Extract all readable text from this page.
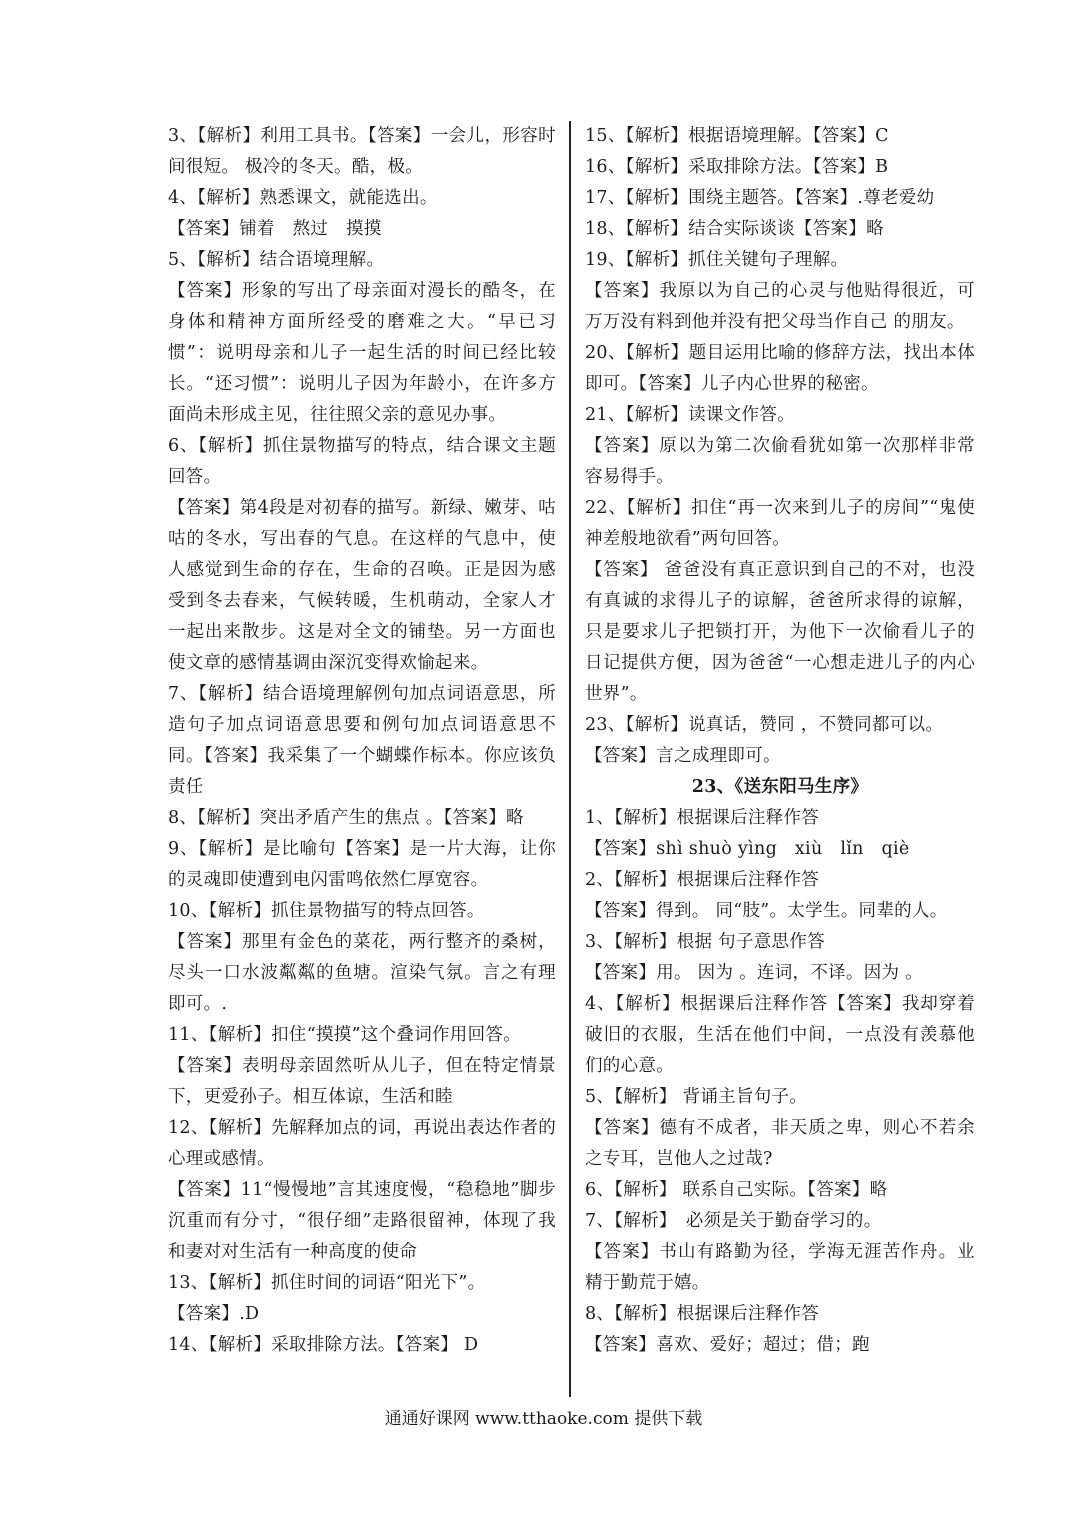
3、【解析】利用工具书。【答案】一会儿，形容时间很短。 极冷的冬天。酷，极。

4、【解析】熟悉课文，就能选出。

【答案】铺着　熬过　摸摸

5、【解析】结合语境理解。

【答案】形象的写出了母亲面对漫长的酷冬，在身体和精神方面所经受的磨难之大。“早已习惯”：说明母亲和儿子一起生活的时间已经比较长。“还习惯”：说明儿子因为年龄小，在许多方面尚未形成主见，往往照父亲的意见办事。

6、【解析】抓住景物描写的特点，结合课文主题回答。

【答案】第4段是对初春的描写。新绿、嫩芽、咕咕的冬水，写出春的气息。在这样的气息中，使人感觉到生命的存在，生命的召唤。正是因为感受到冬去春来，气候转暖，生机萌动，全家人才一起出来散步。这是对全文的铺垫。另一方面也使文章的感情基调由深沉变得欢愉起来。

7、【解析】结合语境理解例句加点词语意思，所造句子加点词语意思要和例句加点词语意思不同。【答案】我采集了一个蝴蝶作标本。你应该负责任

8、【解析】突出矛盾产生的焦点 。【答案】略

9、【解析】是比喻句【答案】是一片大海，让你的灵魂即使遭到电闪雷鸣依然仁厚宽容。

10、【解析】抓住景物描写的特点回答。

【答案】那里有金色的菜花，两行整齐的桑树，尽头一口水波粼粼的鱼塘。渲染气氛。言之有理即可。.

11、【解析】扣住“摸摸”这个叠词作用回答。

【答案】表明母亲固然听从儿子，但在特定情景下，更爱孙子。相互体谅，生活和睦

12、【解析】先解释加点的词，再说出表达作者的心理或感情。

【答案】11“慢慢地”言其速度慢，“稳稳地”脚步沉重而有分寸，“很仔细”走路很留神，体现了我和妻对对生活有一种高度的使命

13、【解析】抓住时间的词语“阳光下”。

【答案】.D

14、【解析】采取排除方法。【答案】 D

15、【解析】根据语境理解。【答案】C

16、【解析】采取排除方法。【答案】B

17、【解析】围绕主题答。【答案】.尊老爱幼

18、【解析】结合实际谈谈【答案】略

19、【解析】抓住关键句子理解。

【答案】我原以为自己的心灵与他贴得很近，可万万没有料到他并没有把父母当作自己 的朋友。

20、【解析】题目运用比喻的修辞方法，找出本体即可。【答案】儿子内心世界的秘密。

21、【解析】读课文作答。

【答案】原以为第二次偷看犹如第一次那样非常容易得手。

22、【解析】扣住“再一次来到儿子的房间”“鬼使神差般地欲看”两句回答。

【答案】 爸爸没有真正意识到自己的不对，也没有真诚的求得儿子的谅解，爸爸所求得的谅解，只是要求儿子把锁打开，为他下一次偷看儿子的日记提供方便，因为爸爸“一心想走进儿子的内心世界”。

23、【解析】说真话，赞同 ，不赞同都可以。

【答案】言之成理即可。

23、《送东阳马生序》

1、【解析】根据课后注释作答

【答案】shì shuò yìng　xiù　lǐn　qiè

2、【解析】根据课后注释作答

【答案】得到。 同“肢”。太学生。同辈的人。

3、【解析】根据 句子意思作答

【答案】用。 因为 。连词，不译。因为 。

4、【解析】根据课后注释作答【答案】我却穿着破旧的衣服，生活在他们中间，一点没有羡慕他们的心意。

5、【解析】 背诵主旨句子。

【答案】德有不成者，非天质之卑，则心不若余之专耳，岂他人之过哉?

6、【解析】 联系自己实际。【答案】略

7、【解析】　必须是关于勤奋学习的。

【答案】书山有路勤为径，学海无涯苦作舟。业精于勤荒于嬉。

8、【解析】根据课后注释作答

【答案】喜欢、爱好；超过；借；跑

通通好课网 www.tthaoke.com 提供下载
